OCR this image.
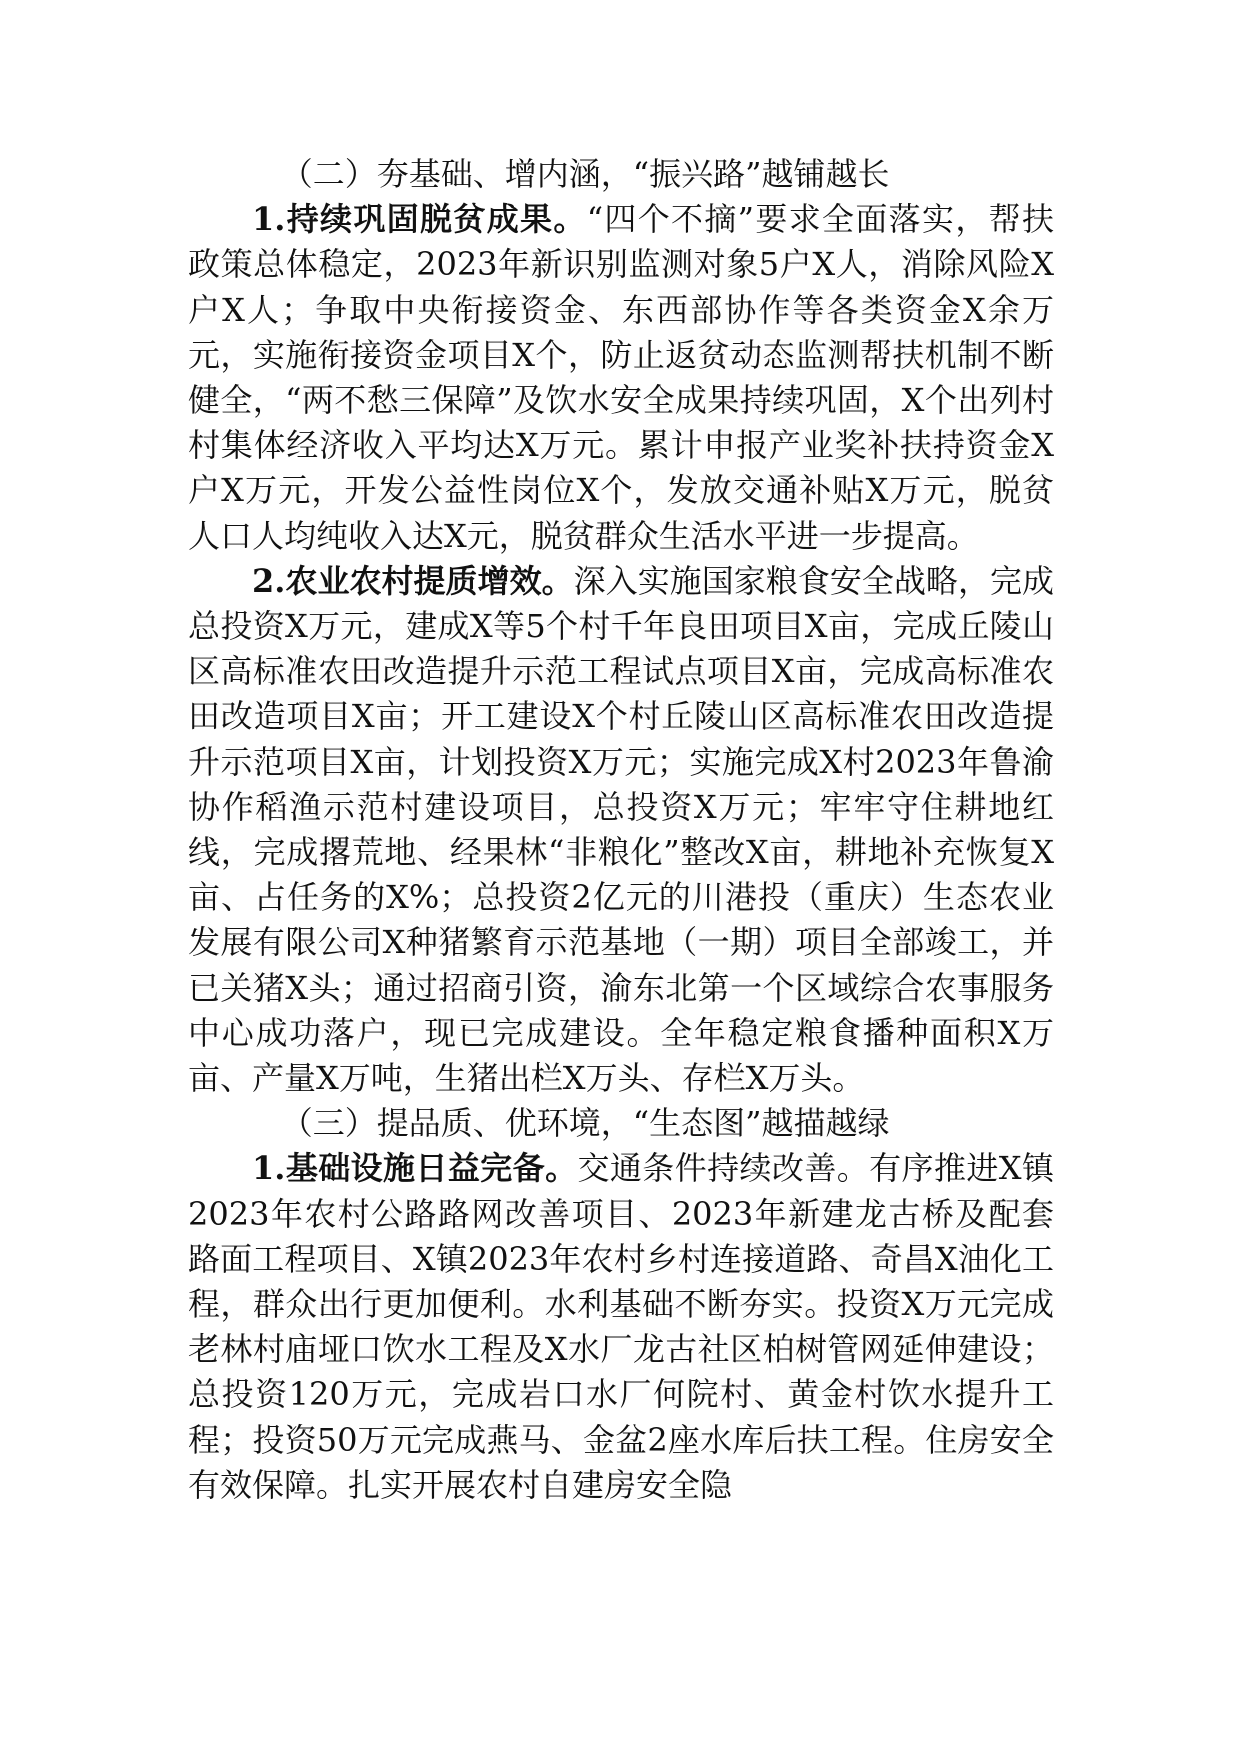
（二）夯基础、增内涵，“振兴路”越铺越长

1.持续巩固脱贫成果。“四个不摘”要求全面落实，帮扶政策总体稳定，2023年新识别监测对象5户X人，消除风险X户X人；争取中央衔接资金、东西部协作等各类资金X余万元，实施衔接资金项目X个，防止返贫动态监测帮扶机制不断健全，“两不愁三保障”及饮水安全成果持续巩固，X个出列村村集体经济收入平均达X万元。累计申报产业奖补扶持资金X户X万元，开发公益性岗位X个，发放交通补贴X万元，脱贫人口人均纯收入达X元，脱贫群众生活水平进一步提高。

2.农业农村提质增效。深入实施国家粮食安全战略，完成总投资X万元，建成X等5个村千年良田项目X亩，完成丘陵山区高标准农田改造提升示范工程试点项目X亩，完成高标准农田改造项目X亩；开工建设X个村丘陵山区高标准农田改造提升示范项目X亩，计划投资X万元；实施完成X村2023年鲁渝协作稻渔示范村建设项目，总投资X万元；牢牢守住耕地红线，完成撂荒地、经果林“非粮化”整改X亩，耕地补充恢复X亩、占任务的X%；总投资2亿元的川港投（重庆）生态农业发展有限公司X种猪繁育示范基地（一期）项目全部竣工，并已关猪X头；通过招商引资，渝东北第一个区域综合农事服务中心成功落户，现已完成建设。全年稳定粮食播种面积X万亩、产量X万吨，生猪出栏X万头、存栏X万头。

（三）提品质、优环境，“生态图”越描越绿

1.基础设施日益完备。交通条件持续改善。有序推进X镇2023年农村公路路网改善项目、2023年新建龙古桥及配套路面工程项目、X镇2023年农村乡村连接道路、奇昌X油化工程，群众出行更加便利。水利基础不断夯实。投资X万元完成老林村庙垭口饮水工程及X水厂龙古社区柏树管网延伸建设；总投资120万元，完成岩口水厂何院村、黄金村饮水提升工程；投资50万元完成燕马、金盆2座水库后扶工程。住房安全有效保障。扎实开展农村自建房安全隐
